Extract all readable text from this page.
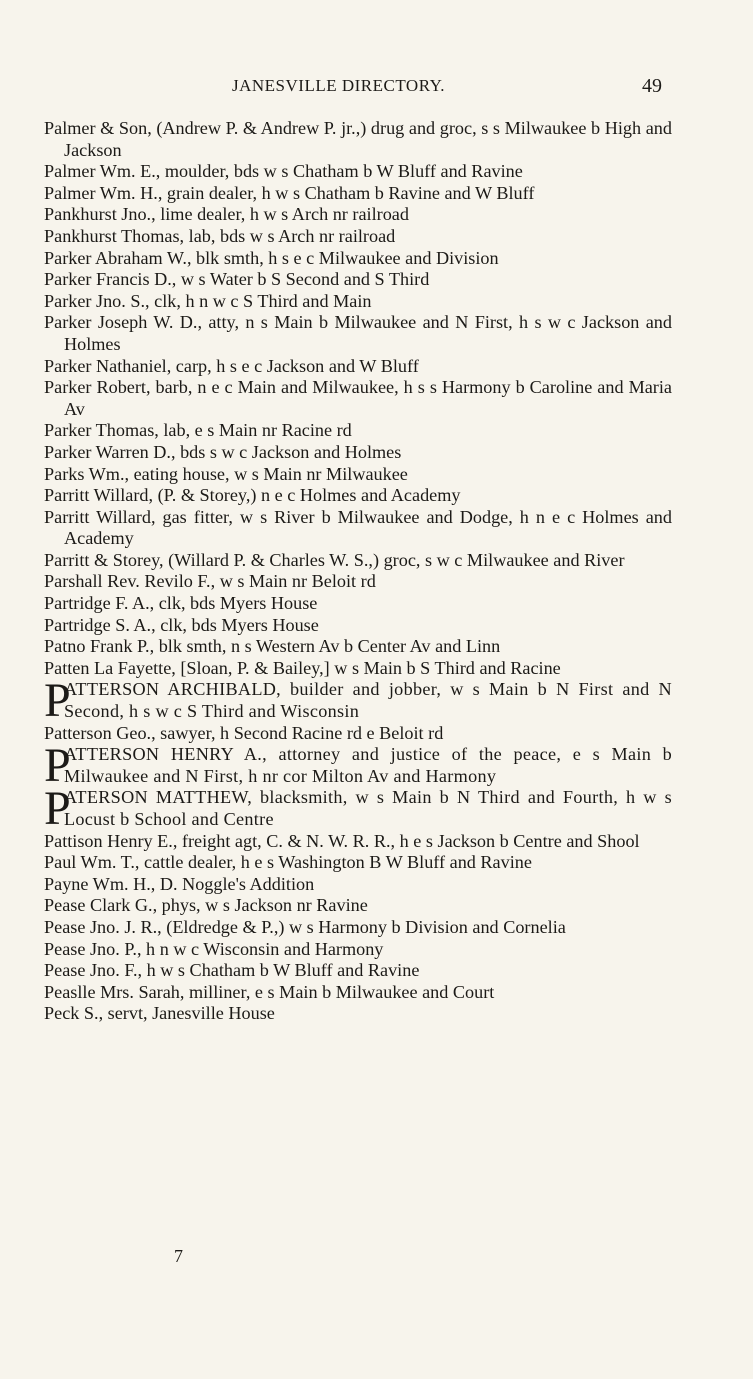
JANESVILLE DIRECTORY.	49

Palmer & Son, (Andrew P. & Andrew P. jr.,) drug and groc, s s Milwaukee b High and Jackson

Palmer Wm. E., moulder, bds w s Chatham b W Bluff and Ravine

Palmer Wm. H., grain dealer, h w s Chatham b Ravine and W Bluff

Pankhurst Jno., lime dealer, h w s Arch nr railroad

Pankhurst Thomas, lab, bds w s Arch nr railroad

Parker Abraham W., blk smth, h s e c Milwaukee and Division

Parker Francis D., w s Water b S Second and S Third

Parker Jno. S., clk, h n w c S Third and Main

Parker Joseph W. D., atty, n s Main b Milwaukee and N First, h s w c Jackson and Holmes

Parker Nathaniel, carp, h s e c Jackson and W Bluff

Parker Robert, barb, n e c Main and Milwaukee, h s s Harmony b Caroline and Maria Av

Parker Thomas, lab, e s Main nr Racine rd

Parker Warren D., bds s w c Jackson and Holmes

Parks Wm., eating house, w s Main nr Milwaukee

Parritt Willard, (P. & Storey,) n e c Holmes and Academy

Parritt Willard, gas fitter, w s River b Milwaukee and Dodge, h n e c Holmes and Academy

Parritt & Storey, (Willard P. & Charles W. S.,) groc, s w c Milwaukee and River

Parshall Rev. Revilo F., w s Main nr Beloit rd

Partridge F. A., clk, bds Myers House

Partridge S. A., clk, bds Myers House

Patno Frank P., blk smth, n s Western Av b Center Av and Linn

Patten La Fayette, [Sloan, P. & Bailey,] w s Main b S Third and Racine

P
ATTERSON ARCHIBALD, builder and jobber, w s Main b N First and N Second, h s w c S Third and Wisconsin

Patterson Geo., sawyer, h Second Racine rd e Beloit rd

P
ATTERSON HENRY A., attorney and justice of the peace, e s Main b Milwaukee and N First, h nr cor Milton Av and Harmony

P
ATERSON MATTHEW, blacksmith, w s Main b N Third and Fourth, h w s Locust b School and Centre

Pattison Henry E., freight agt, C. & N. W. R. R., h e s Jackson b Centre and Shool

Paul Wm. T., cattle dealer, h e s Washington B W Bluff and Ravine

Payne Wm. H., D. Noggle's Addition

Pease Clark G., phys, w s Jackson nr Ravine

Pease Jno. J. R., (Eldredge & P.,) w s Harmony b Division and Cornelia

Pease Jno. P., h n w c Wisconsin and Harmony

Pease Jno. F., h w s Chatham b W Bluff and Ravine

Peaslle Mrs. Sarah, milliner, e s Main b Milwaukee and Court

Peck S., servt, Janesville House

7
